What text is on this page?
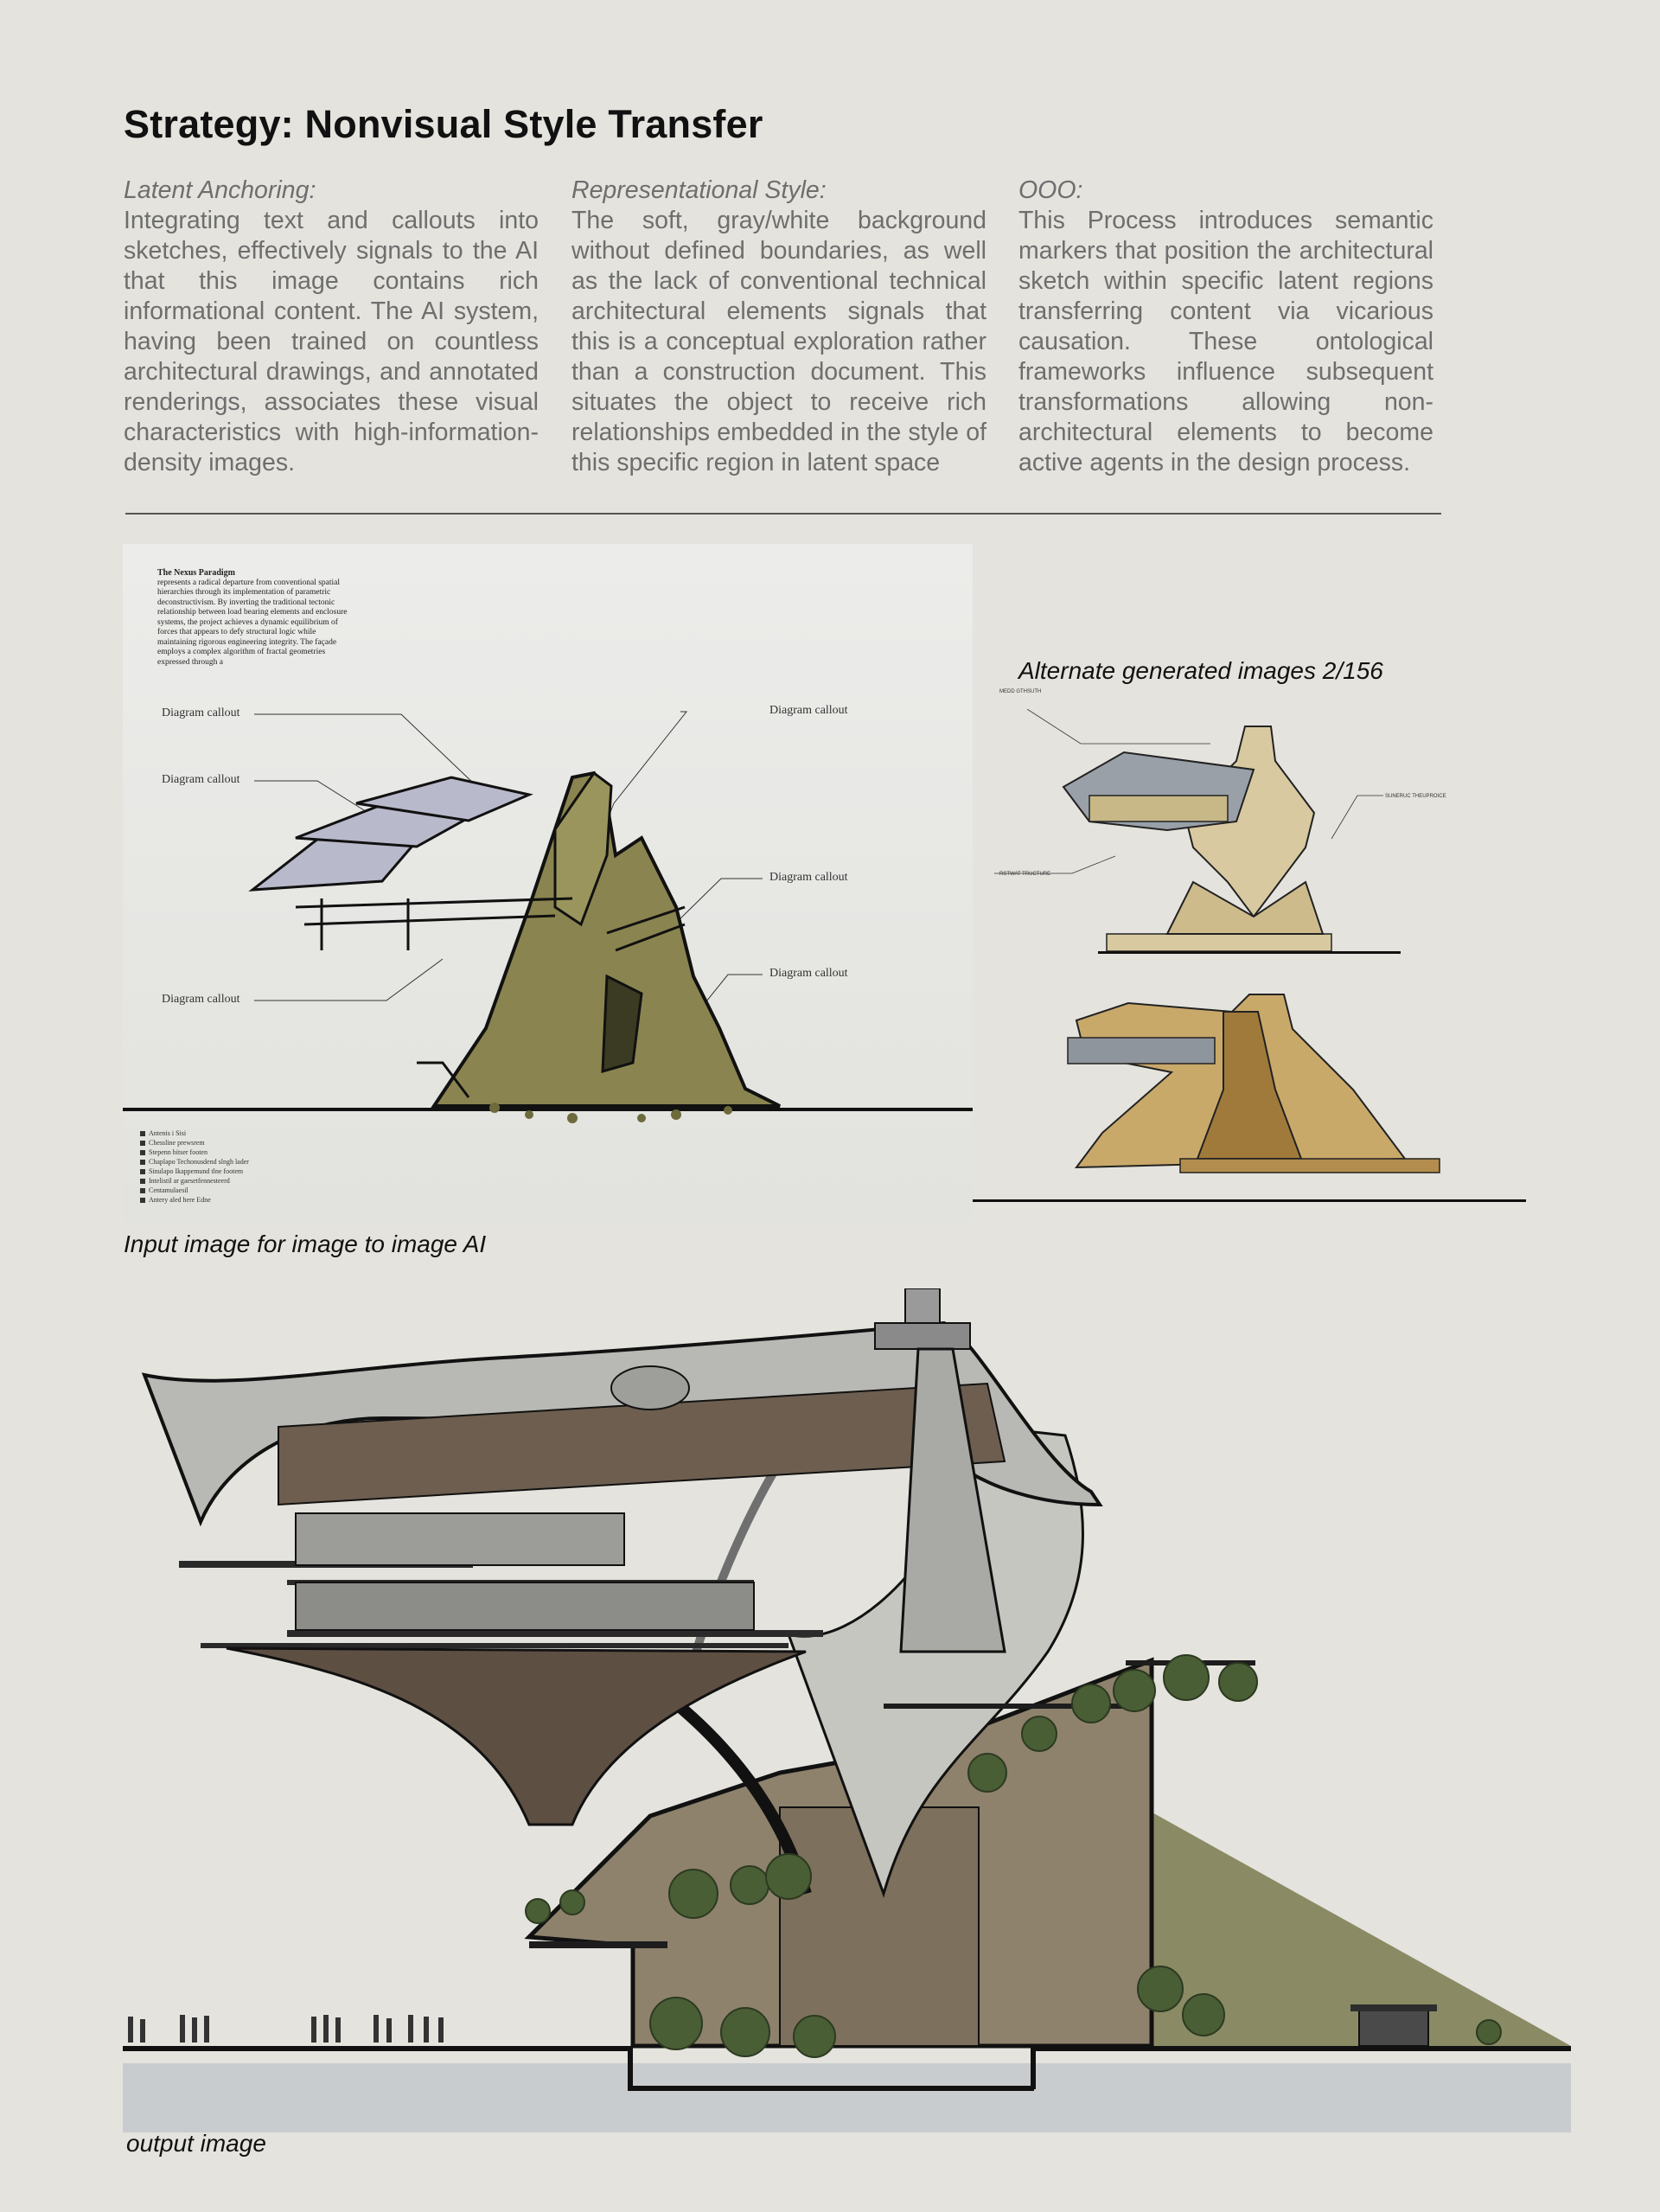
Strategy: Nonvisual Style Transfer
Latent Anchoring:
Integrating text and callouts into sketches, effectively signals to the AI that this image contains rich informational content. The AI system, having been trained on countless architectural drawings, and annotated renderings, associates these visual characteristics with high-information-density images.
Representational Style:
The soft, gray/white background without defined boundaries, as well as the lack of conventional technical architectural elements signals that this is a conceptual exploration rather than a construction document. This situates the object to receive rich relationships embedded in the style of this specific region in latent space
OOO:
This Process introduces semantic markers that position the architectural sketch within specific latent regions transferring content via vicarious causation. These ontological frameworks influence subsequent transformations allowing non-architectural elements to become active agents in the design process.
The Nexus Paradigm
represents a radical departure from conventional spatial hierarchies through its implementation of parametric deconstructivism. By inverting the traditional tectonic relationship between load bearing elements and enclosure systems, the project achieves a dynamic equilibrium of forces that appears to defy structural logic while maintaining rigorous engineering integrity. The façade employs a complex algorithm of fractal geometries expressed through a
Diagram callout
Diagram callout
Diagram callout
Diagram callout
Diagram callout
Diagram callout
Antenis i Sisi
Chessline prewsrem
Stepenn bitser footen
Chaplapo Techonusdend slngh lader
Sinulapo Ikappemund tlne footem
Intelistil ar gaesetfennesteerd
Centamulaesil
Antery aled here Edne
Input image for image to image AI
Alternate generated images 2/156
MEDD GTHSUTH
SUNERUC THEUPROICE
RSTWAT TRUCTURE
output image
